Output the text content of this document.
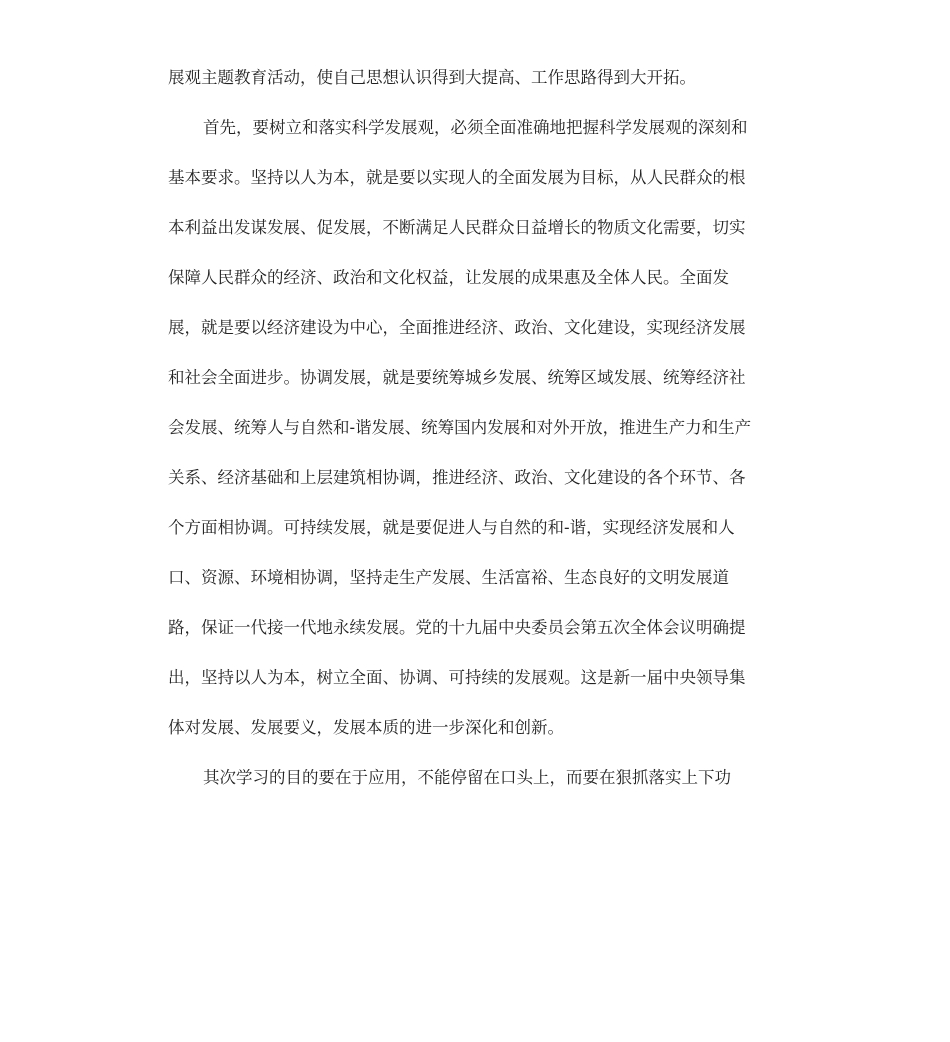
展观主题教育活动，使自己思想认识得到大提高、工作思路得到大开拓。
首先，要树立和落实科学发展观，必须全面准确地把握科学发展观的深刻和
基本要求。坚持以人为本，就是要以实现人的全面发展为目标，从人民群众的根
本利益出发谋发展、促发展，不断满足人民群众日益增长的物质文化需要，切实
保障人民群众的经济、政治和文化权益，让发展的成果惠及全体人民。全面发
展，就是要以经济建设为中心，全面推进经济、政治、文化建设，实现经济发展
和社会全面进步。协调发展，就是要统筹城乡发展、统筹区域发展、统筹经济社
会发展、统筹人与自然和-谐发展、统筹国内发展和对外开放，推进生产力和生产
关系、经济基础和上层建筑相协调，推进经济、政治、文化建设的各个环节、各
个方面相协调。可持续发展，就是要促进人与自然的和-谐，实现经济发展和人
口、资源、环境相协调，坚持走生产发展、生活富裕、生态良好的文明发展道
路，保证一代接一代地永续发展。党的十九届中央委员会第五次全体会议明确提
出，坚持以人为本，树立全面、协调、可持续的发展观。这是新一届中央领导集
体对发展、发展要义，发展本质的进一步深化和创新。
其次学习的目的要在于应用，不能停留在口头上，而要在狠抓落实上下功
